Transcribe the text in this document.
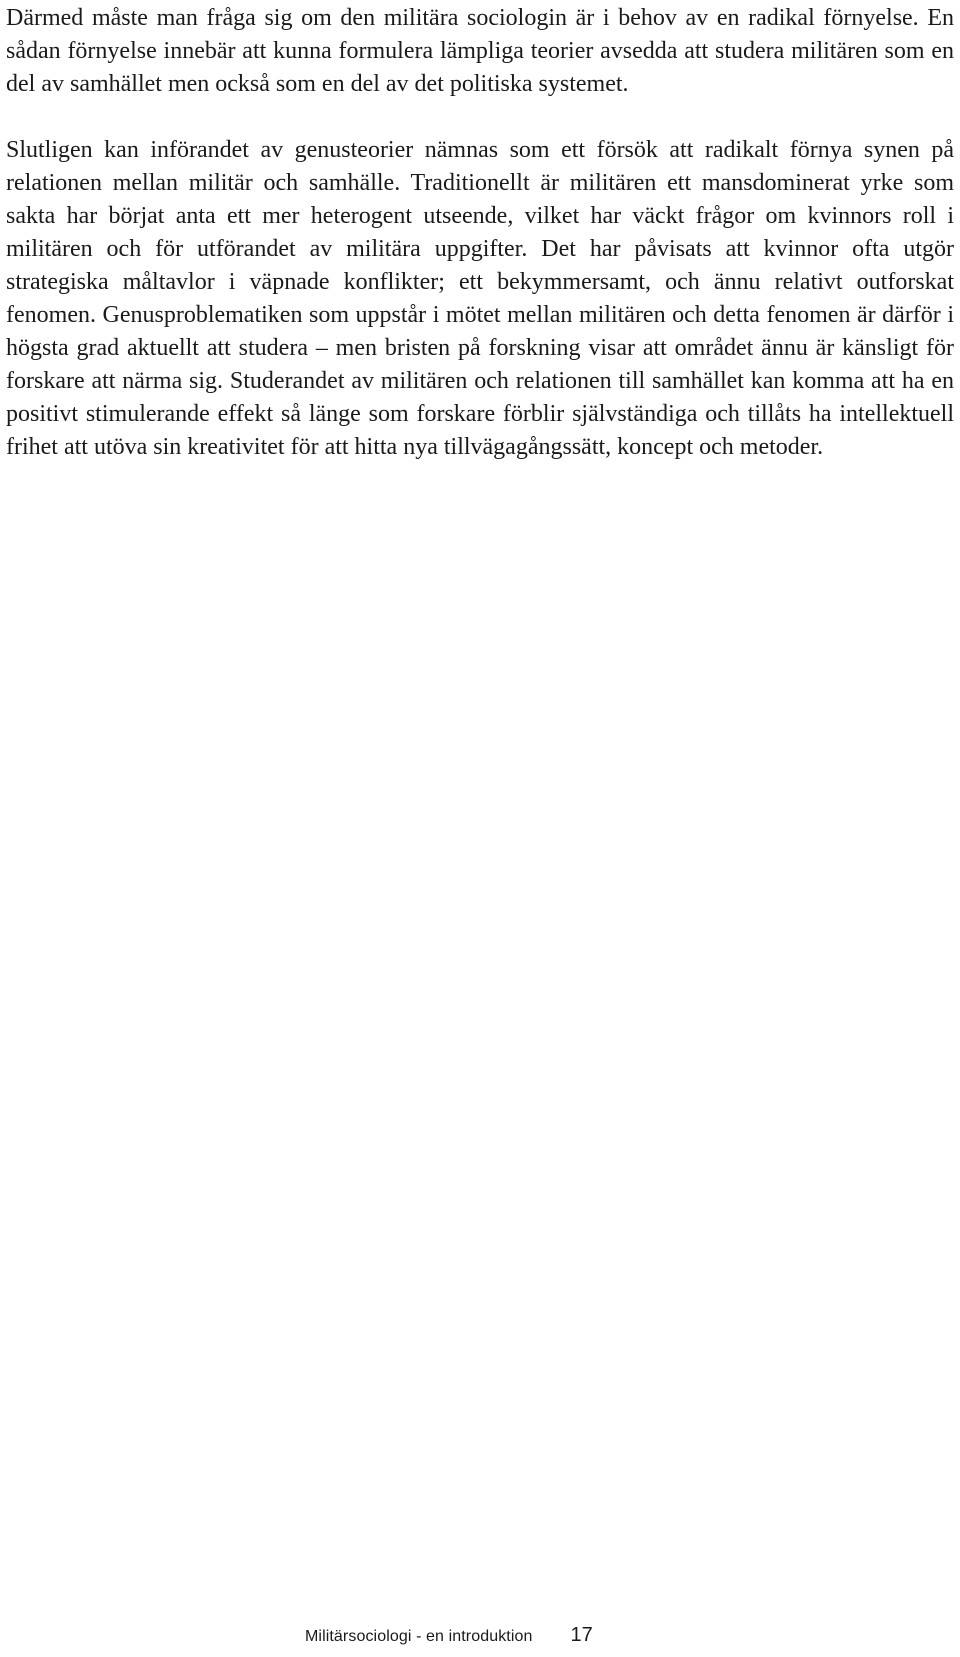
Därmed måste man fråga sig om den militära sociologin är i behov av en radikal förnyelse. En sådan förnyelse innebär att kunna formulera lämpliga teorier avsedda att studera militären som en del av samhället men också som en del av det politiska systemet.

Slutligen kan införandet av genusteorier nämnas som ett försök att radikalt förnya synen på relationen mellan militär och samhälle. Traditionellt är militären ett mansdominerat yrke som sakta har börjat anta ett mer heterogent utseende, vilket har väckt frågor om kvinnors roll i militären och för utförandet av militära uppgifter. Det har påvisats att kvinnor ofta utgör strategiska måltavlor i väpnade konflikter; ett bekymmersamt, och ännu relativt outforskat fenomen. Genusproblematiken som uppstår i mötet mellan militären och detta fenomen är därför i högsta grad aktuellt att studera – men bristen på forskning visar att området ännu är känsligt för forskare att närma sig. Studerandet av militären och relationen till samhället kan komma att ha en positivt stimulerande effekt så länge som forskare förblir självständiga och tillåts ha intellektuell frihet att utöva sin kreativitet för att hitta nya tillvägagångssätt, koncept och metoder.

Militärsociologi - en introduktion 17
